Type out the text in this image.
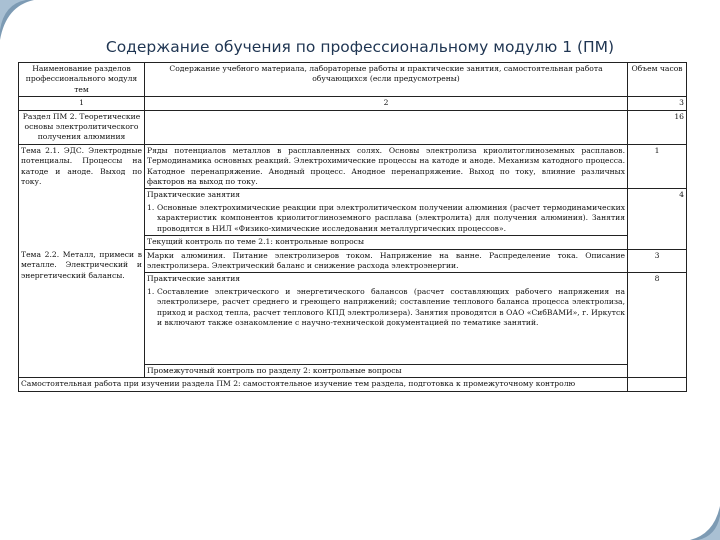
Содержание обучения по профессиональному модулю 1 (ПМ)
Наименование разделов профессионального модуля тем	Содержание учебного материала, лабораторные работы и практические занятия, самостоятельная работа обучающихся (если предусмотрены)	Объем часов
1	2	3
Раздел ПМ 2. Теоретические основы электролитического получения алюминия		16
Тема 2.1. ЭДС. Электродные потенциалы. Процессы на катоде и аноде. Выход по току.	Ряды потенциалов металлов в расплавленных солях. Основы электролиза криолитоглиноземных расплавов. Термодинамика основных реакций. Электрохимические процессы на катоде и аноде. Механизм катодного процесса. Катодное перенапряжение. Анодный процесс. Анодное перенапряжение. Выход по току, влияние различных факторов на выход по току.	1
	Практические занятия	4

	1. Основные электрохимические реакции при электролитическом получении алюминия (расчет термодинамических характеристик компонентов криолитоглиноземного расплава (электролита) для получения алюминия). Занятия проводятся в НИЛ «Физико-химические исследования металлургических процессов».	

	Текущий контроль по теме 2.1: контрольные вопросы	
Тема 2.2. Металл, примеси в металле. Электрический и энергетический балансы.	Марки алюминия. Питание электролизеров током. Напряжение на ванне. Распределение тока. Описание электролизера. Электрический баланс и снижение расхода электроэнергии.	3
	Практические занятия	8

	1. Составление электрического и энергетического балансов (расчет составляющих рабочего напряжения на электролизере, расчет среднего и греющего напряжений; составление теплового баланса процесса электролиза, приход и расход тепла, расчет теплового КПД электролизера). Занятия проводятся в ОАО «СибВАМИ», г. Иркутск и включают также ознакомление с научно-технической документацией по тематике занятий.	

	Промежуточный контроль по разделу 2: контрольные вопросы	
Самостоятельная работа при изучении раздела ПМ 2: самостоятельное изучение тем раздела, подготовка к промежуточному контролю		
